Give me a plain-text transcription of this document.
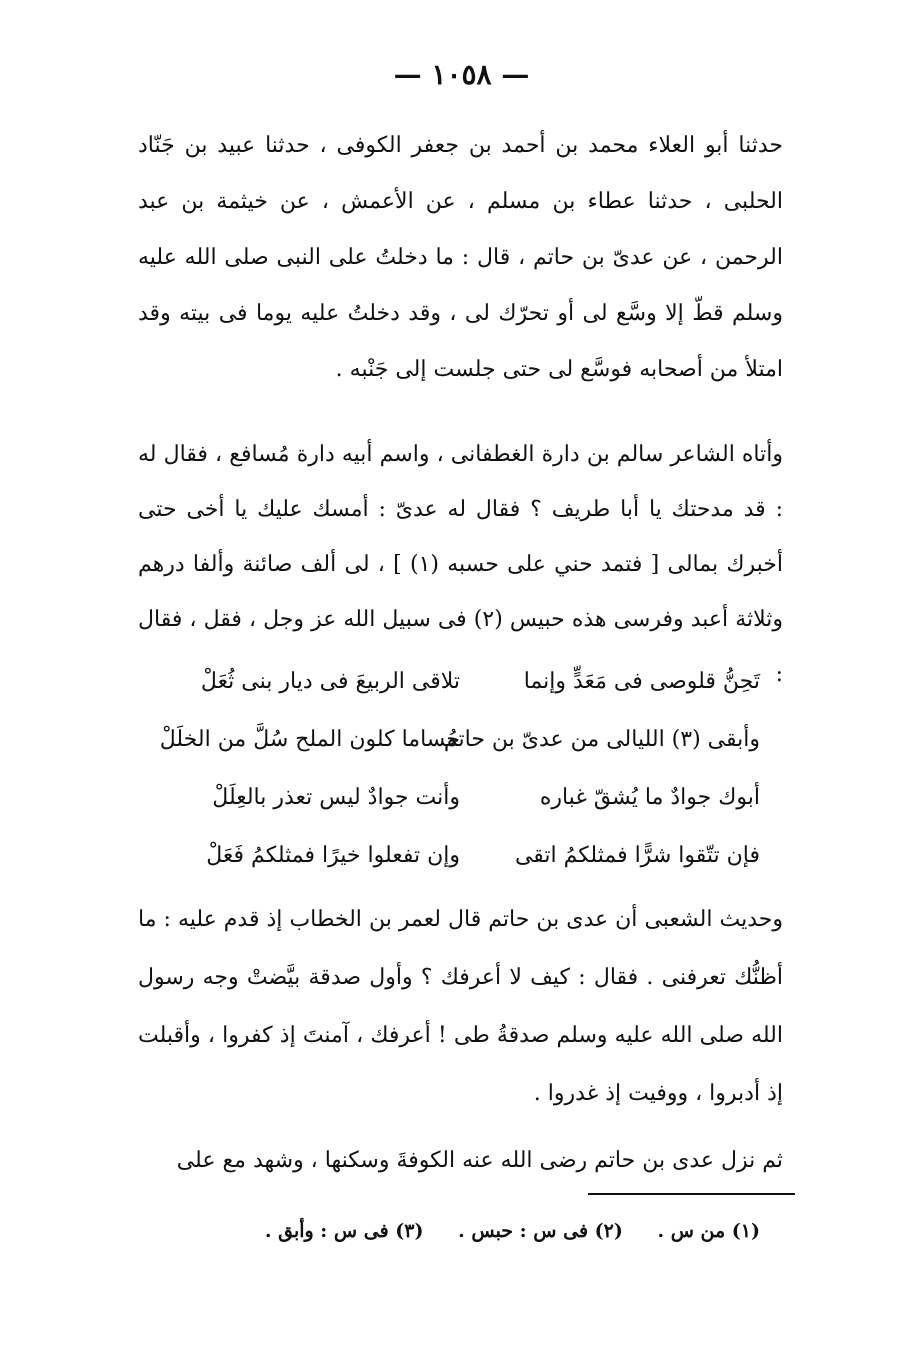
— ١٠٥٨ —
حدثنا أبو العلاء محمد بن أحمد بن جعفر الكوفى ، حدثنا عبيد بن جَنّاد الحلبى ، حدثنا عطاء بن مسلم ، عن الأعمش ، عن خيثمة بن عبد الرحمن ، عن عدىّ بن حاتم ، قال : ما دخلتُ على النبى صلى الله عليه وسلم قطّ إلا وسَّع لى أو تحرّك لى ، وقد دخلتُ عليه يوما فى بيته وقد امتلأ من أصحابه فوسَّع لى حتى جلست إلى جَنْبه .
وأتاه الشاعر سالم بن دارة الغطفانى ، واسم أبيه دارة مُسافع ، فقال له : قد مدحتك يا أبا طريف ؟ فقال له عدىّ : أمسك عليك يا أخى حتى أخبرك بمالى [ فتمد حني على حسبه (١) ] ، لى ألف صائنة وألفا درهم وثلاثة أعبد وفرسى هذه حبيس (٢) فى سبيل الله عز وجل ، فقل ، فقال :
تَحِنُّ قلوصى فى مَعَدٍّ وإنما
تلاقى الربيعَ فى ديار بنى ثُعَلْ
وأبقى (٣) الليالى من عدىّ بن حاتم
حُساما كلون الملح سُلَّ من الخلَلْ
أبوك جوادٌ ما يُشقّ غباره
وأنت جوادٌ ليس تعذر بالعِلَلْ
فإن تتّقوا شرًّا فمثلكمُ اتقى
وإن تفعلوا خيرًا فمثلكمُ فَعَلْ
وحديث الشعبى أن عدى بن حاتم قال لعمر بن الخطاب إذ قدم عليه : ما أظنُّك تعرفنى . فقال : كيف لا أعرفك ؟ وأول صدقة بيَّضتْ وجه رسول الله صلى الله عليه وسلم صدقةُ طى ! أعرفك ، آمنتَ إذ كفروا ، وأقبلت إذ أدبروا ، ووفيت إذ غدروا .
ثم نزل عدى بن حاتم رضى الله عنه الكوفةَ وسكنها ، وشهد مع على
(١) من س . (٢) فى س : حبس . (٣) فى س : وأبق .
